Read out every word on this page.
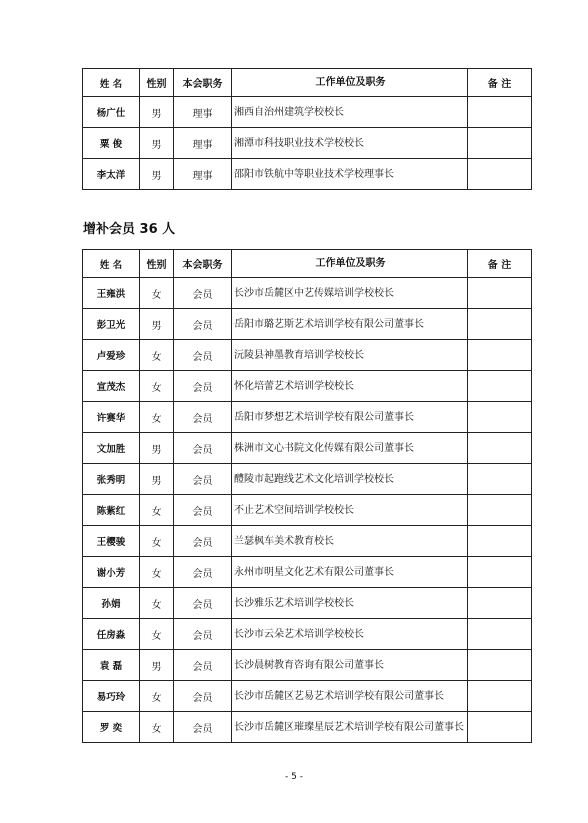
姓 名	性别	本会职务	工作单位及职务	备 注
杨广仕	男	理事	湘西自治州建筑学校校长	
粟 俊	男	理事	湘潭市科技职业技术学校校长	
李太洋	男	理事	邵阳市铁航中等职业技术学校理事长	
增补会员 36 人
姓 名	性别	本会职务	工作单位及职务	备 注
王雍洪	女	会员	长沙市岳麓区中艺传媒培训学校校长	
彭卫光	男	会员	岳阳市璐艺斯艺术培训学校有限公司董事长	
卢爱珍	女	会员	沅陵县神墨教育培训学校校长	
宣茂杰	女	会员	怀化培蕾艺术培训学校校长	
许赛华	女	会员	岳阳市梦想艺术培训学校有限公司董事长	
文加胜	男	会员	株洲市文心书院文化传媒有限公司董事长	
张秀明	男	会员	醴陵市起跑线艺术文化培训学校校长	
陈紫红	女	会员	不止艺术空间培训学校校长	
王樱骏	女	会员	兰瑟枫车美术教育校长	
谢小芳	女	会员	永州市明星文化艺术有限公司董事长	
孙娟	女	会员	长沙雅乐艺术培训学校校长	
任房淼	女	会员	长沙市云朵艺术培训学校校长	
袁 磊	男	会员	长沙晨树教育咨询有限公司董事长	
易巧玲	女	会员	长沙市岳麓区艺易艺术培训学校有限公司董事长	
罗 奕	女	会员	长沙市岳麓区璀璨星辰艺术培训学校有限公司董事长	
- 5 -
